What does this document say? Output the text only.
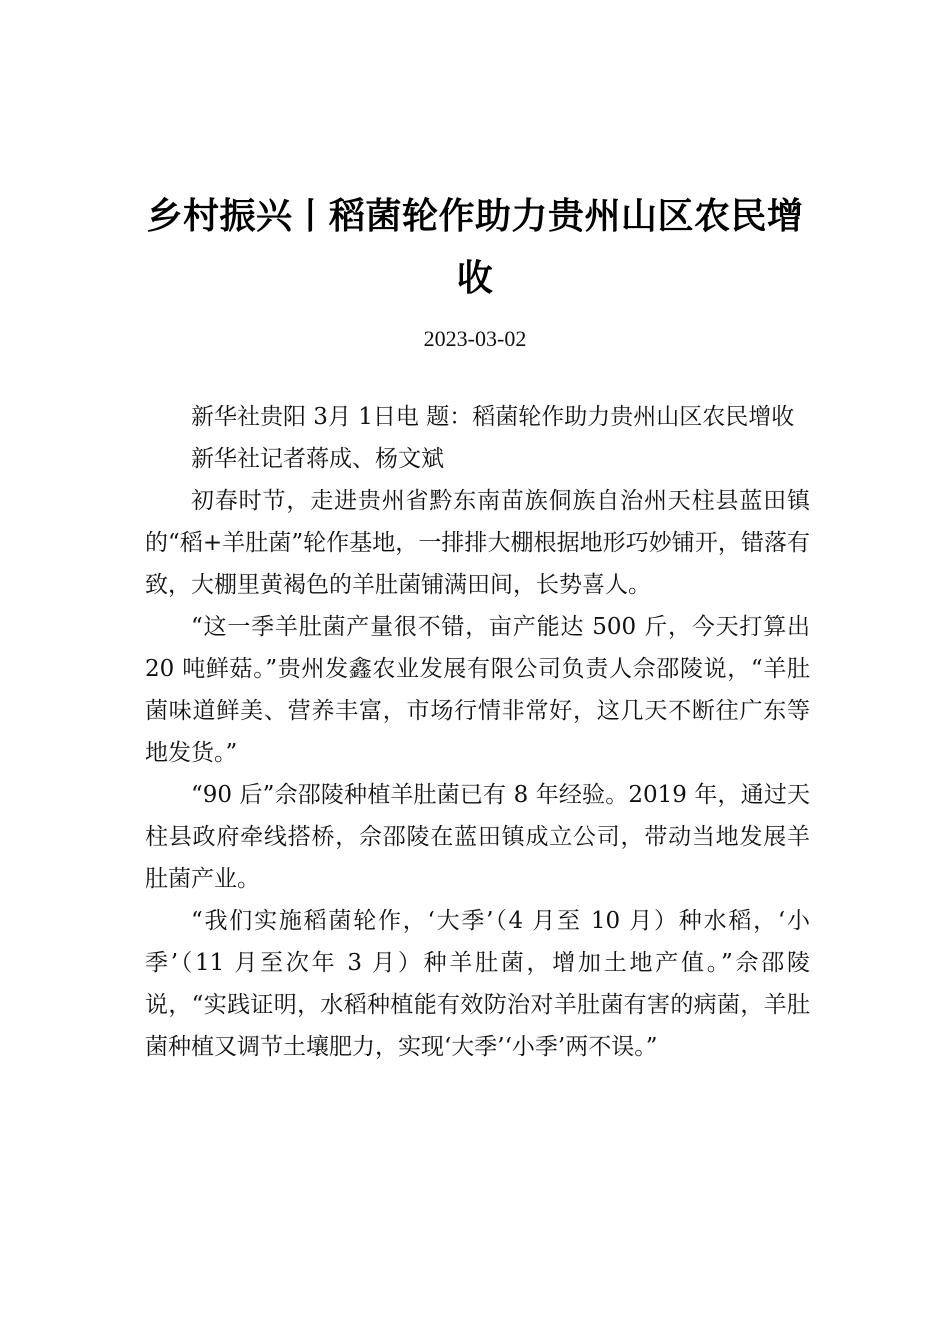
乡村振兴丨稻菌轮作助力贵州山区农民增收
2023-03-02

新华社贵阳 3月 1日电 题：稻菌轮作助力贵州山区农民增收

新华社记者蒋成、杨文斌

初春时节，走进贵州省黔东南苗族侗族自治州天柱县蓝田镇的“稻+羊肚菌”轮作基地，一排排大棚根据地形巧妙铺开，错落有致，大棚里黄褐色的羊肚菌铺满田间，长势喜人。

“这一季羊肚菌产量很不错，亩产能达 500 斤，今天打算出 20 吨鲜菇。”贵州发鑫农业发展有限公司负责人佘邵陵说，“羊肚菌味道鲜美、营养丰富，市场行情非常好，这几天不断往广东等地发货。”

“90 后”佘邵陵种植羊肚菌已有 8 年经验。2019 年，通过天柱县政府牵线搭桥，佘邵陵在蓝田镇成立公司，带动当地发展羊肚菌产业。

“我们实施稻菌轮作，‘大季’（4 月至 10 月）种水稻，‘小季’（11 月至次年 3 月）种羊肚菌，增加土地产值。”佘邵陵说，“实践证明，水稻种植能有效防治对羊肚菌有害的病菌，羊肚菌种植又调节土壤肥力，实现‘大季’‘小季’两不误。”
